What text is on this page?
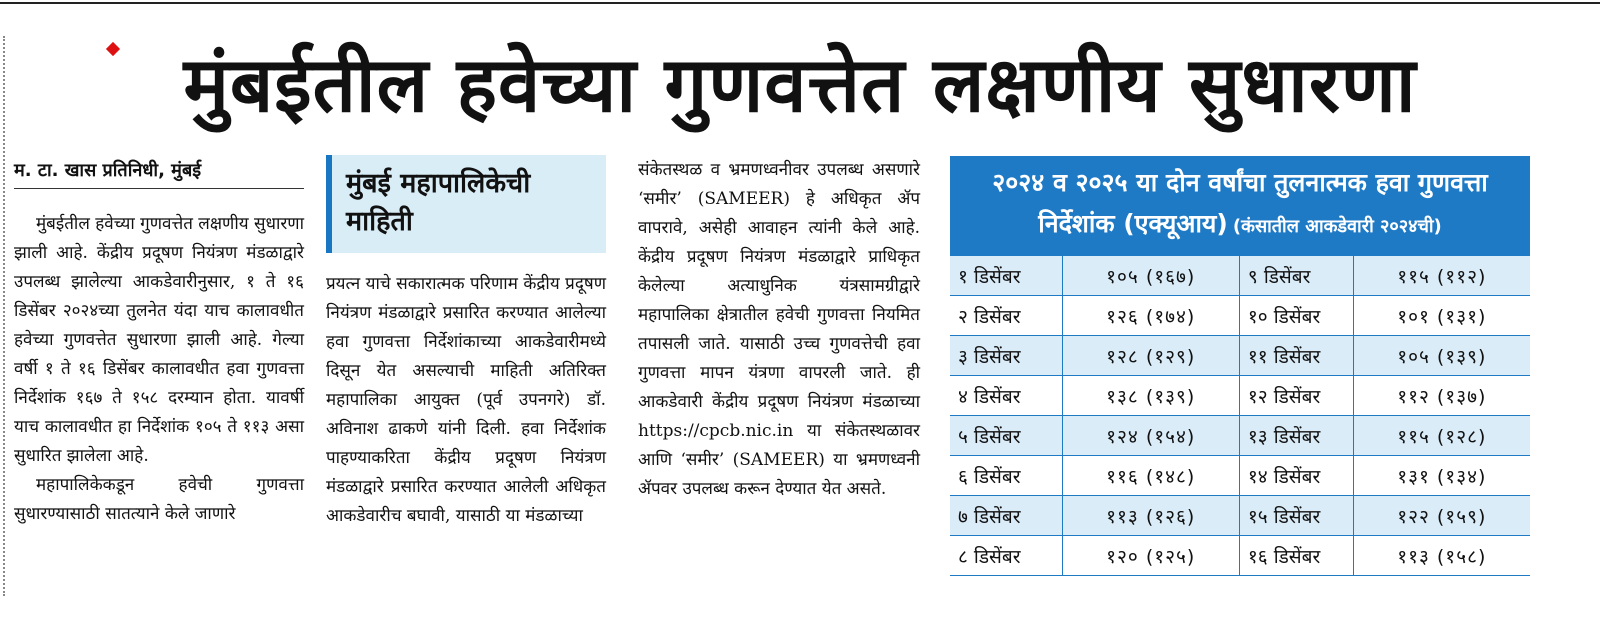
मुंबईतील हवेच्या गुणवत्तेत लक्षणीय सुधारणा
म. टा. खास प्रतिनिधी, मुंबई

मुंबईतील हवेच्या गुणवत्तेत लक्षणीय सुधारणा झाली आहे. केंद्रीय प्रदूषण नियंत्रण मंडळाद्वारे उपलब्ध झालेल्या आकडेवारीनुसार, १ ते १६ डिसेंबर २०२४च्या तुलनेत यंदा याच कालावधीत हवेच्या गुणवत्तेत सुधारणा झाली आहे. गेल्या वर्षी १ ते १६ डिसेंबर कालावधीत हवा गुणवत्ता निर्देशांक १६७ ते १५८ दरम्यान होता. यावर्षी याच कालावधीत हा निर्देशांक १०५ ते ११३ असा सुधारित झालेला आहे.

महापालिकेकडून हवेची गुणवत्ता सुधारण्यासाठी सातत्याने केले जाणारे

मुंबई महापालिकेची माहिती

प्रयत्न याचे सकारात्मक परिणाम केंद्रीय प्रदूषण नियंत्रण मंडळाद्वारे प्रसारित करण्यात आलेल्या हवा गुणवत्ता निर्देशांकाच्या आकडेवारीमध्ये दिसून येत असल्याची माहिती अतिरिक्त महापालिका आयुक्त (पूर्व उपनगरे) डॉ. अविनाश ढाकणे यांनी दिली. हवा निर्देशांक पाहण्याकरिता केंद्रीय प्रदूषण नियंत्रण मंडळाद्वारे प्रसारित करण्यात आलेली अधिकृत आकडेवारीच बघावी, यासाठी या मंडळाच्या

संकेतस्थळ व भ्रमणध्वनीवर उपलब्ध असणारे ‘समीर’ (SAMEER) हे अधिकृत ॲप वापरावे, असेही आवाहन त्यांनी केले आहे. केंद्रीय प्रदूषण नियंत्रण मंडळाद्वारे प्राधिकृत केलेल्या अत्याधुनिक यंत्रसामग्रीद्वारे महापालिका क्षेत्रातील हवेची गुणवत्ता नियमित तपासली जाते. यासाठी उच्च गुणवत्तेची हवा गुणवत्ता मापन यंत्रणा वापरली जाते. ही आकडेवारी केंद्रीय प्रदूषण नियंत्रण मंडळाच्या https://cpcb.nic.in या संकेतस्थळावर आणि ‘समीर’ (SAMEER) या भ्रमणध्वनी ॲपवर उपलब्ध करून देण्यात येत असते.

२०२४ व २०२५ या दोन वर्षांचा तुलनात्मक हवा गुणवत्ता निर्देशांक (एक्यूआय) (कंसातील आकडेवारी २०२४ची)
१ डिसेंबर	१०५ (१६७)	९ डिसेंबर	११५ (११२)
२ डिसेंबर	१२६ (१७४)	१० डिसेंबर	१०१ (१३१)
३ डिसेंबर	१२८ (१२९)	११ डिसेंबर	१०५ (१३९)
४ डिसेंबर	१३८ (१३९)	१२ डिसेंबर	११२ (१३७)
५ डिसेंबर	१२४ (१५४)	१३ डिसेंबर	११५ (१२८)
६ डिसेंबर	११६ (१४८)	१४ डिसेंबर	१३१ (१३४)
७ डिसेंबर	११३ (१२६)	१५ डिसेंबर	१२२ (१५९)
८ डिसेंबर	१२० (१२५)	१६ डिसेंबर	११३ (१५८)
